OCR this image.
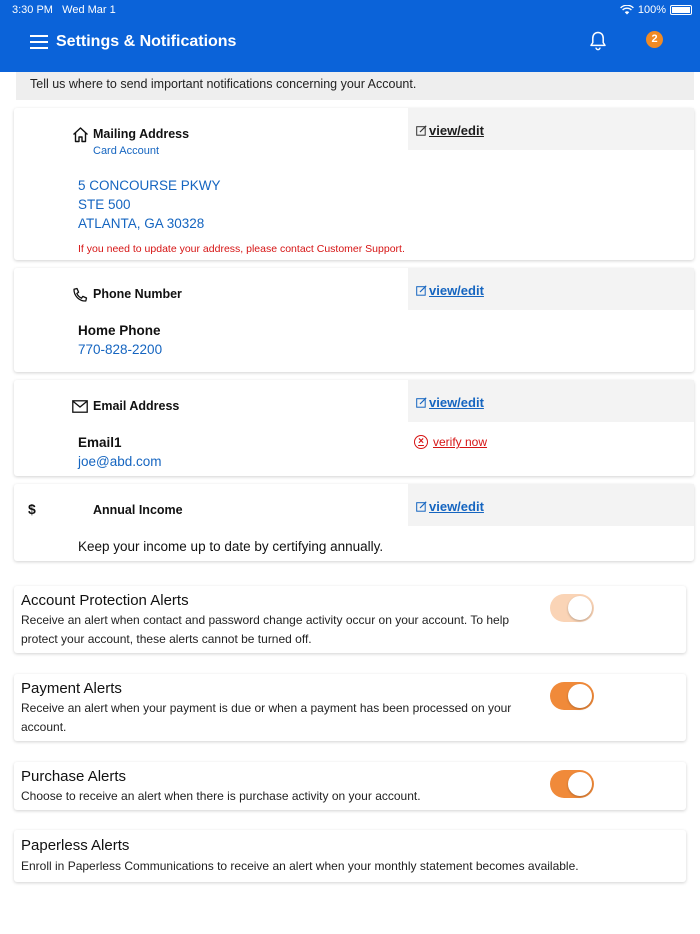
3:30 PM Wed Mar 1	100%
Settings & Notifications	2
Tell us where to send important notifications concerning your Account.
Mailing Address
Card Account
view/edit
5 CONCOURSE PKWY
STE 500
ATLANTA, GA 30328
If you need to update your address, please contact Customer Support.
Phone Number	view/edit
Home Phone
770-828-2200
Email Address	view/edit
Email1
joe@abd.com
× verify now
$	Annual Income	view/edit
Keep your income up to date by certifying annually.
Account Protection Alerts
Receive an alert when contact and password change activity occur on your account. To help protect your account, these alerts cannot be turned off.
Payment Alerts
Receive an alert when your payment is due or when a payment has been processed on your account.
Purchase Alerts
Choose to receive an alert when there is purchase activity on your account.
Paperless Alerts
Enroll in Paperless Communications to receive an alert when your monthly statement becomes available.
